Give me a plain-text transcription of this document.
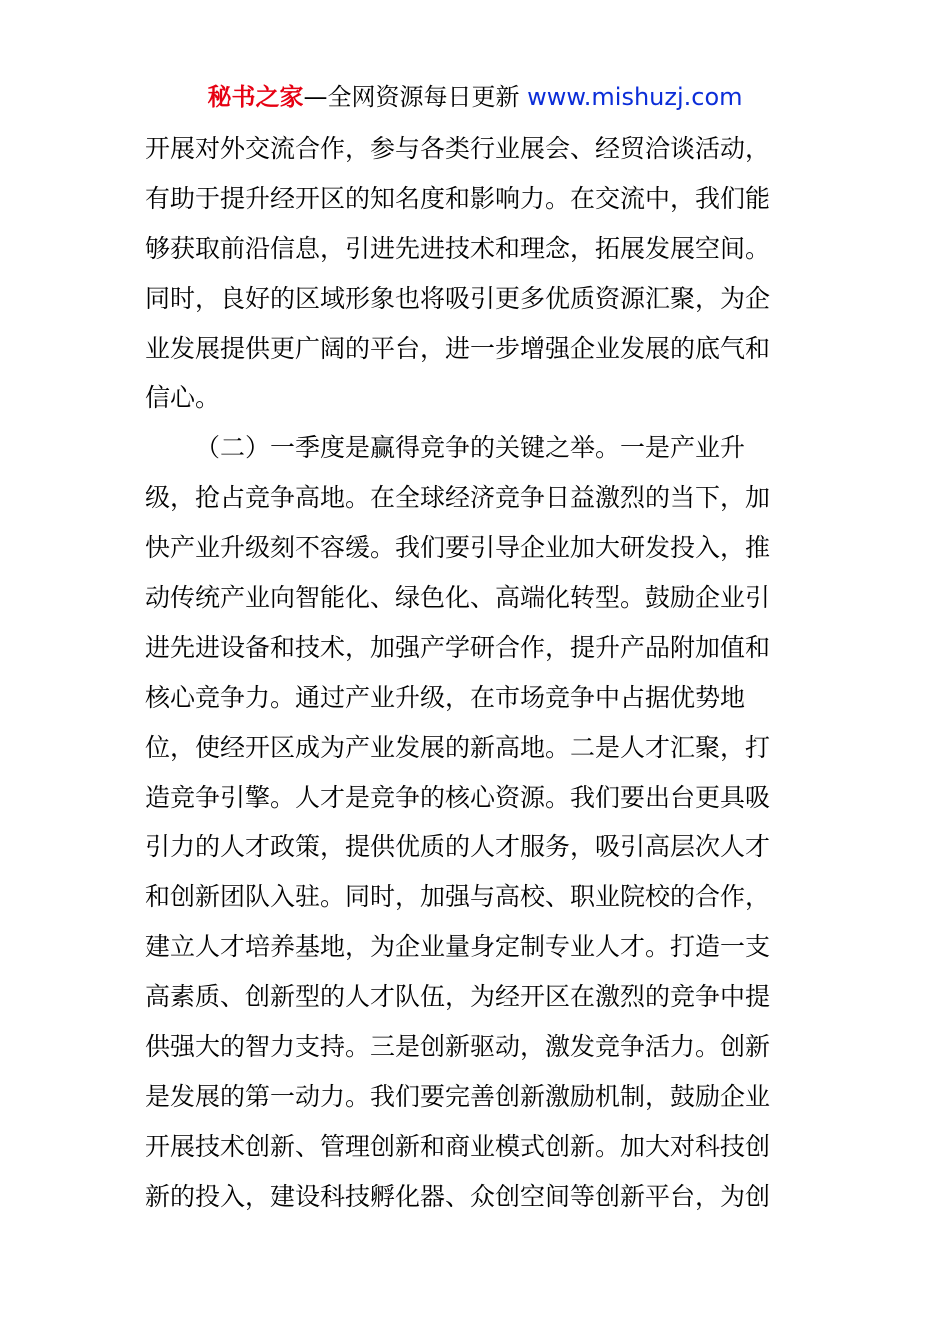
秘书之家—全网资源每日更新 www.mishuzj.com
开展对外交流合作，参与各类行业展会、经贸洽谈活动，
有助于提升经开区的知名度和影响力。在交流中，我们能
够获取前沿信息，引进先进技术和理念，拓展发展空间。
同时，良好的区域形象也将吸引更多优质资源汇聚，为企
业发展提供更广阔的平台，进一步增强企业发展的底气和
信心。
（二）一季度是赢得竞争的关键之举。一是产业升
级，抢占竞争高地。在全球经济竞争日益激烈的当下，加
快产业升级刻不容缓。我们要引导企业加大研发投入，推
动传统产业向智能化、绿色化、高端化转型。鼓励企业引
进先进设备和技术，加强产学研合作，提升产品附加值和
核心竞争力。通过产业升级，在市场竞争中占据优势地
位，使经开区成为产业发展的新高地。二是人才汇聚，打
造竞争引擎。人才是竞争的核心资源。我们要出台更具吸
引力的人才政策，提供优质的人才服务，吸引高层次人才
和创新团队入驻。同时，加强与高校、职业院校的合作，
建立人才培养基地，为企业量身定制专业人才。打造一支
高素质、创新型的人才队伍，为经开区在激烈的竞争中提
供强大的智力支持。三是创新驱动，激发竞争活力。创新
是发展的第一动力。我们要完善创新激励机制，鼓励企业
开展技术创新、管理创新和商业模式创新。加大对科技创
新的投入，建设科技孵化器、众创空间等创新平台，为创
